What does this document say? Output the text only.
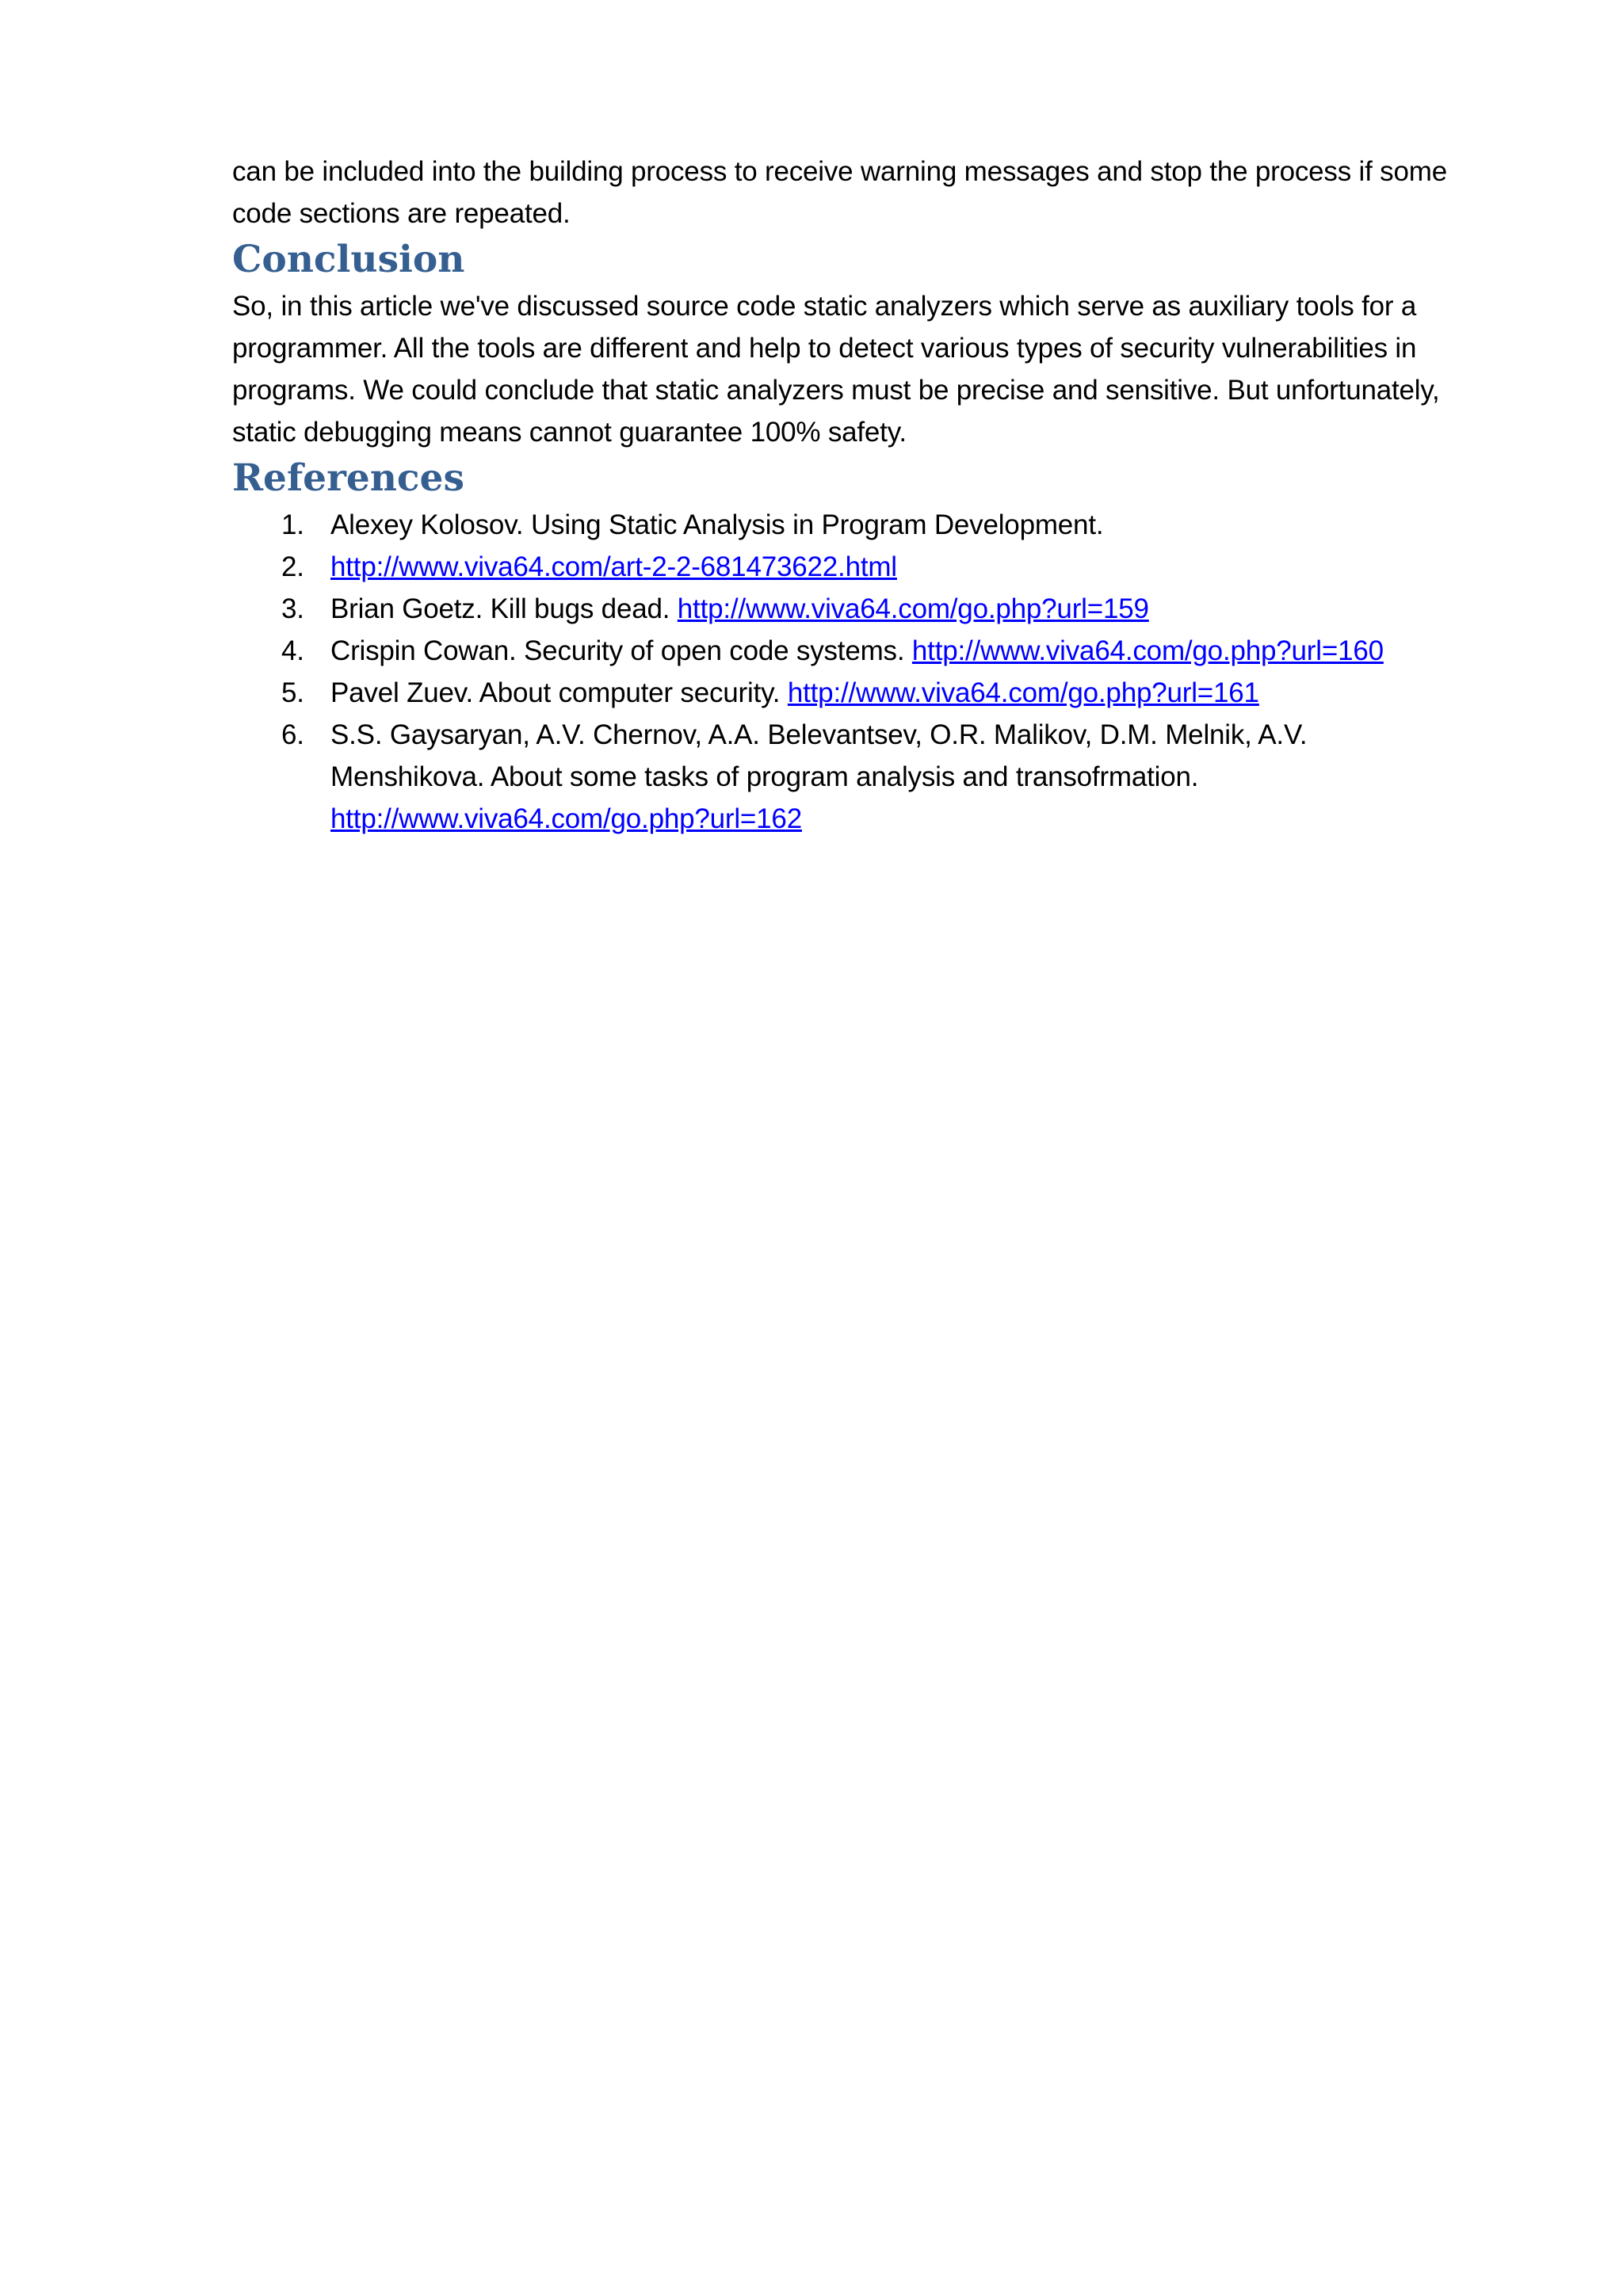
can be included into the building process to receive warning messages and stop the process if some code sections are repeated.

Conclusion

So, in this article we've discussed source code static analyzers which serve as auxiliary tools for a programmer. All the tools are different and help to detect various types of security vulnerabilities in programs. We could conclude that static analyzers must be precise and sensitive. But unfortunately, static debugging means cannot guarantee 100% safety.

References
1. Alexey Kolosov. Using Static Analysis in Program Development.
2. http://www.viva64.com/art-2-2-681473622.html
3. Brian Goetz. Kill bugs dead. http://www.viva64.com/go.php?url=159
4. Crispin Cowan. Security of open code systems. http://www.viva64.com/go.php?url=160
5. Pavel Zuev. About computer security. http://www.viva64.com/go.php?url=161
6. S.S. Gaysaryan, A.V. Chernov, A.A. Belevantsev, O.R. Malikov, D.M. Melnik, A.V. Menshikova. About some tasks of program analysis and transofrmation. http://www.viva64.com/go.php?url=162
